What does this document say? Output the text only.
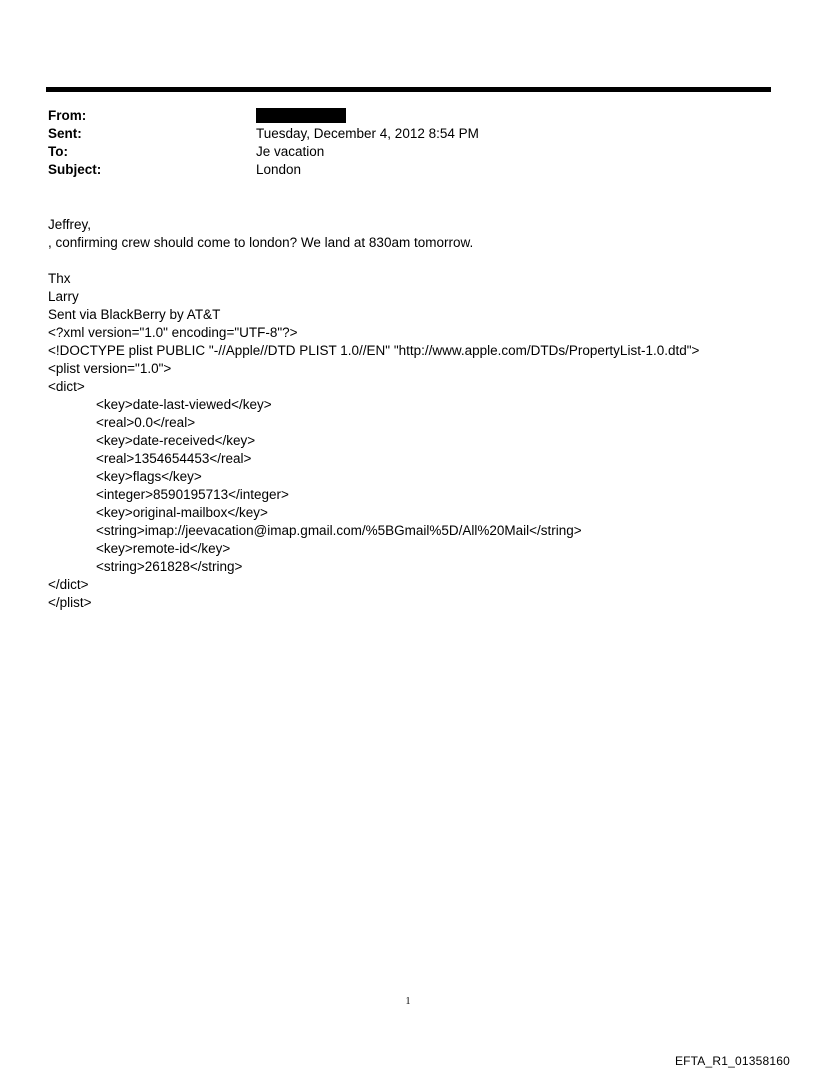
From:
Sent:	Tuesday, December 4, 2012 8:54 PM
To:	Je vacation
Subject:	London
Jeffrey,
, confirming crew should come to london? We land at 830am tomorrow.
Thx
Larry
Sent via BlackBerry by AT&T
<?xml version="1.0" encoding="UTF-8"?>
<!DOCTYPE plist PUBLIC "-//Apple//DTD PLIST 1.0//EN" "http://www.apple.com/DTDs/PropertyList-1.0.dtd">
<plist version="1.0">
<dict>
<key>date-last-viewed</key>
<real>0.0</real>
<key>date-received</key>
<real>1354654453</real>
<key>flags</key>
<integer>8590195713</integer>
<key>original-mailbox</key>
<string>imap://jeevacation@imap.gmail.com/%5BGmail%5D/All%20Mail</string>
<key>remote-id</key>
<string>261828</string>
</dict>
</plist>
1
EFTA_R1_01358160
